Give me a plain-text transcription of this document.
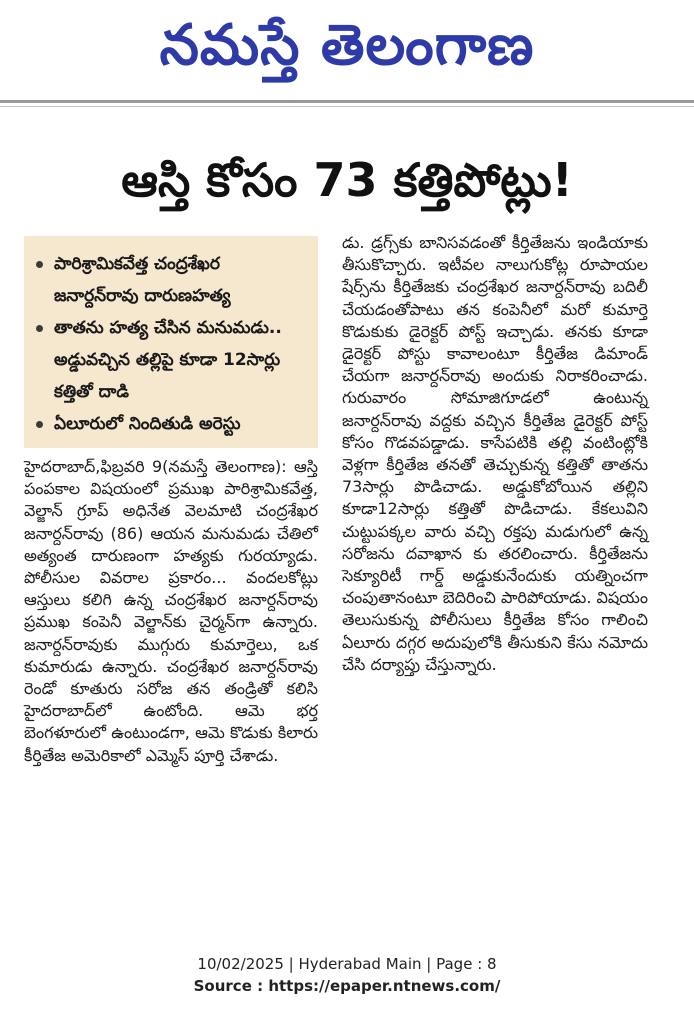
నమస్తే తెలంగాణ
ఆస్తి కోసం 73 కత్తిపోట్లు!
పారిశ్రామికవేత్త చంద్రశేఖర జనార్దన్‌రావు దారుణహత్య
తాతను హత్య చేసిన మనుమడు.. అడ్డువచ్చిన తల్లిపై కూడా 12సార్లు కత్తితో దాడి
ఏలూరులో నిందితుడి అరెస్టు
హైదరాబాద్‌,ఫిబ్రవరి 9(నమస్తే తెలంగాణ): ఆస్తి పంపకాల విషయంలో ప్రముఖ పారిశ్రామికవేత్త, వెల్జాన్‌ గ్రూప్‌ అధినేత వెలమాటి చంద్రశేఖర జనార్దన్‌రావు (86) ఆయన మనుమడు చేతిలో అత్యంత దారుణంగా హత్యకు గురయ్యాడు. పోలీసుల వివరాల ప్రకారం... వందలకోట్లు ఆస్తులు కలిగి ఉన్న చంద్రశేఖర జనార్దన్‌రావు ప్రముఖ కంపెనీ వెల్జాన్‌కు చైర్మన్‌గా ఉన్నారు. జనార్దన్‌రావుకు ముగ్గురు కుమార్తెలు, ఒక కుమారుడు ఉన్నారు. చంద్రశేఖర జనార్దన్‌రావు రెండో కూతురు సరోజ తన తండ్రితో కలిసి హైదరాబాద్‌లో ఉంటోంది. ఆమె భర్త బెంగళూరులో ఉంటుండగా, ఆమె కొడుకు కిలారు కీర్తితేజ అమెరికాలో ఎమ్మెస్‌ పూర్తి చేశాడు.
డు. డ్రగ్స్‌కు బానిసవడంతో కీర్తితేజను ఇండియాకు తీసుకొచ్చారు. ఇటీవల నాలుగుకోట్ల రూపాయల షేర్స్‌ను కీర్తితేజకు చంద్రశేఖర జనార్దన్‌రావు బదిలీ చేయడంతోపాటు తన కంపెనీలో మరో కుమార్తె కొడుకుకు డైరెక్టర్‌ పోస్ట్‌ ఇచ్చాడు. తనకు కూడా డైరెక్టర్‌ పోస్టు కావాలంటూ కీర్తితేజ డిమాండ్‌ చేయగా జనార్దన్‌రావు అందుకు నిరాకరించాడు. గురువారం సోమాజిగూడలో ఉంటున్న జనార్దన్‌రావు వద్దకు వచ్చిన కీర్తితేజ డైరెక్టర్‌ పోస్ట్‌ కోసం గొడవపడ్డాడు. కాసేపటికి తల్లి వంటింట్లోకి వెళ్లగా కీర్తితేజ తనతో తెచ్చుకున్న కత్తితో తాతను 73సార్లు పొడిచాడు. అడ్డుకోబోయిన తల్లిని కూడా12సార్లు కత్తితో పొడిచాడు. కేకలువిని చుట్టుపక్కల వారు వచ్చి రక్తపు మడుగులో ఉన్న సరోజను దవాఖాన కు తరలించారు. కీర్తితేజను సెక్యూరిటీ గార్డ్‌ అడ్డుకునేందుకు యత్నించగా చంపుతానంటూ బెదిరించి పారిపోయాడు. విషయం తెలుసుకున్న పోలీసులు కీర్తితేజ కోసం గాలించి ఏలూరు దగ్గర అదుపులోకి తీసుకుని కేసు నమోదు చేసి దర్యాప్తు చేస్తున్నారు.
10/02/2025 | Hyderabad Main | Page : 8
Source : https://epaper.ntnews.com/
